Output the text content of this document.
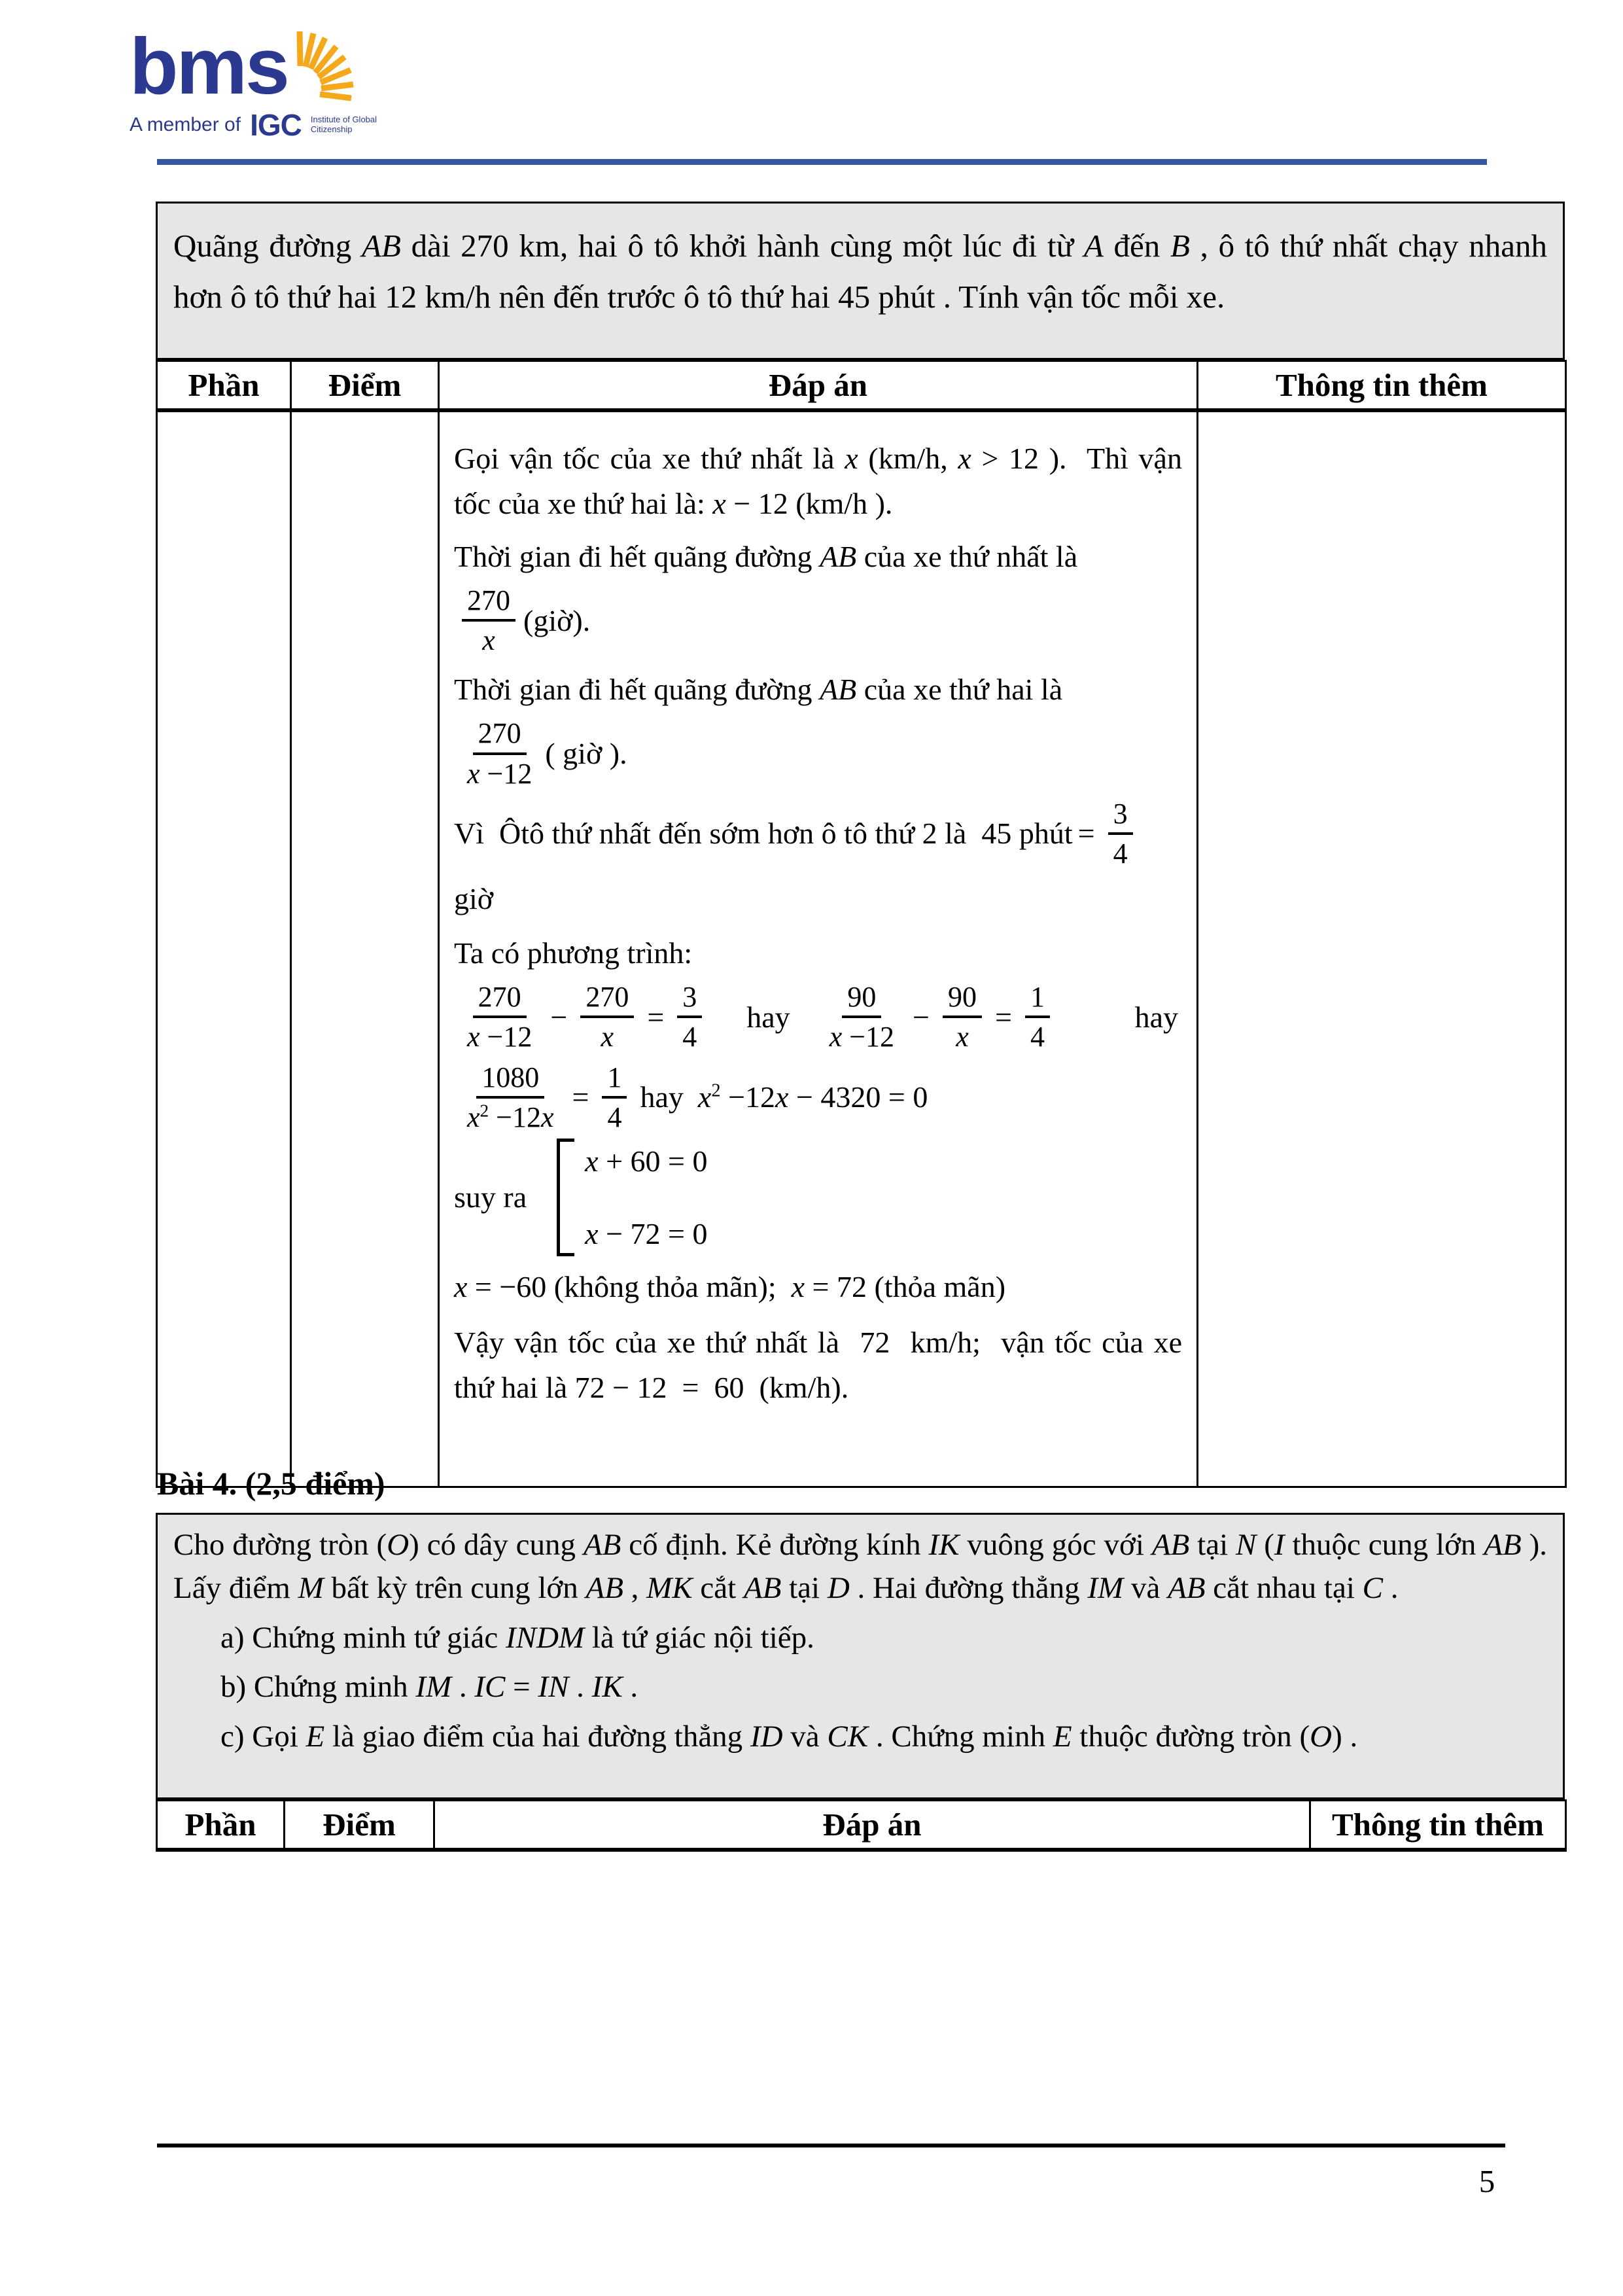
bms
A member of IGC Institute of Global Citizenship

Quãng đường AB dài 270 km, hai ô tô khởi hành cùng một lúc đi từ A đến B , ô tô thứ nhất chạy nhanh hơn ô tô thứ hai 12 km/h nên đến trước ô tô thứ hai 45 phút . Tính vận tốc mỗi xe.

Phần	Điểm	Đáp án	Thông tin thêm

Gọi vận tốc của xe thứ nhất là x (km/h, x > 12 ).  Thì vận tốc của xe thứ hai là: x − 12 (km/h ).

Thời gian đi hết quãng đường AB của xe thứ nhất là

$\frac{270}{x}$ (giờ).

Thời gian đi hết quãng đường AB của xe thứ hai là

$\frac{270}{x -12}$ ( giờ ).
Vì  Ôtô thứ nhất đến sớm hơn ô tô thứ 2 là  45 phút = $\frac{3}{4}$

giờ

Ta có phương trình:

$\frac{270}{x -12} - \frac{270}{x} = \frac{3}{4}$ hay $\frac{90}{x -12} - \frac{90}{x} = \frac{1}{4}$	hay
$\frac{1080}{x^2 -12x} = \frac{1}{4}$ hay $x^2 -12x - 4320 = 0$
suy ra
x + 60 = 0
x − 72 = 0

x = −60 (không thỏa mãn);  x = 72 (thỏa mãn)

Vậy vận tốc của xe thứ nhất là  72  km/h;  vận tốc của xe thứ hai là 72 − 12  =  60  (km/h).

Bài 4. (2,5 điểm)

Cho đường tròn (O) có dây cung AB cố định. Kẻ đường kính IK vuông góc với AB tại N (I thuộc cung lớn AB ). Lấy điểm M bất kỳ trên cung lớn AB , MK cắt AB tại D . Hai đường thẳng IM và AB cắt nhau tại C .

a) Chứng minh tứ giác INDM là tứ giác nội tiếp.

b) Chứng minh IM . IC = IN . IK .

c) Gọi E là giao điểm của hai đường thẳng ID và CK . Chứng minh E thuộc đường tròn (O) .

Phần	Điểm	Đáp án	Thông tin thêm
5
